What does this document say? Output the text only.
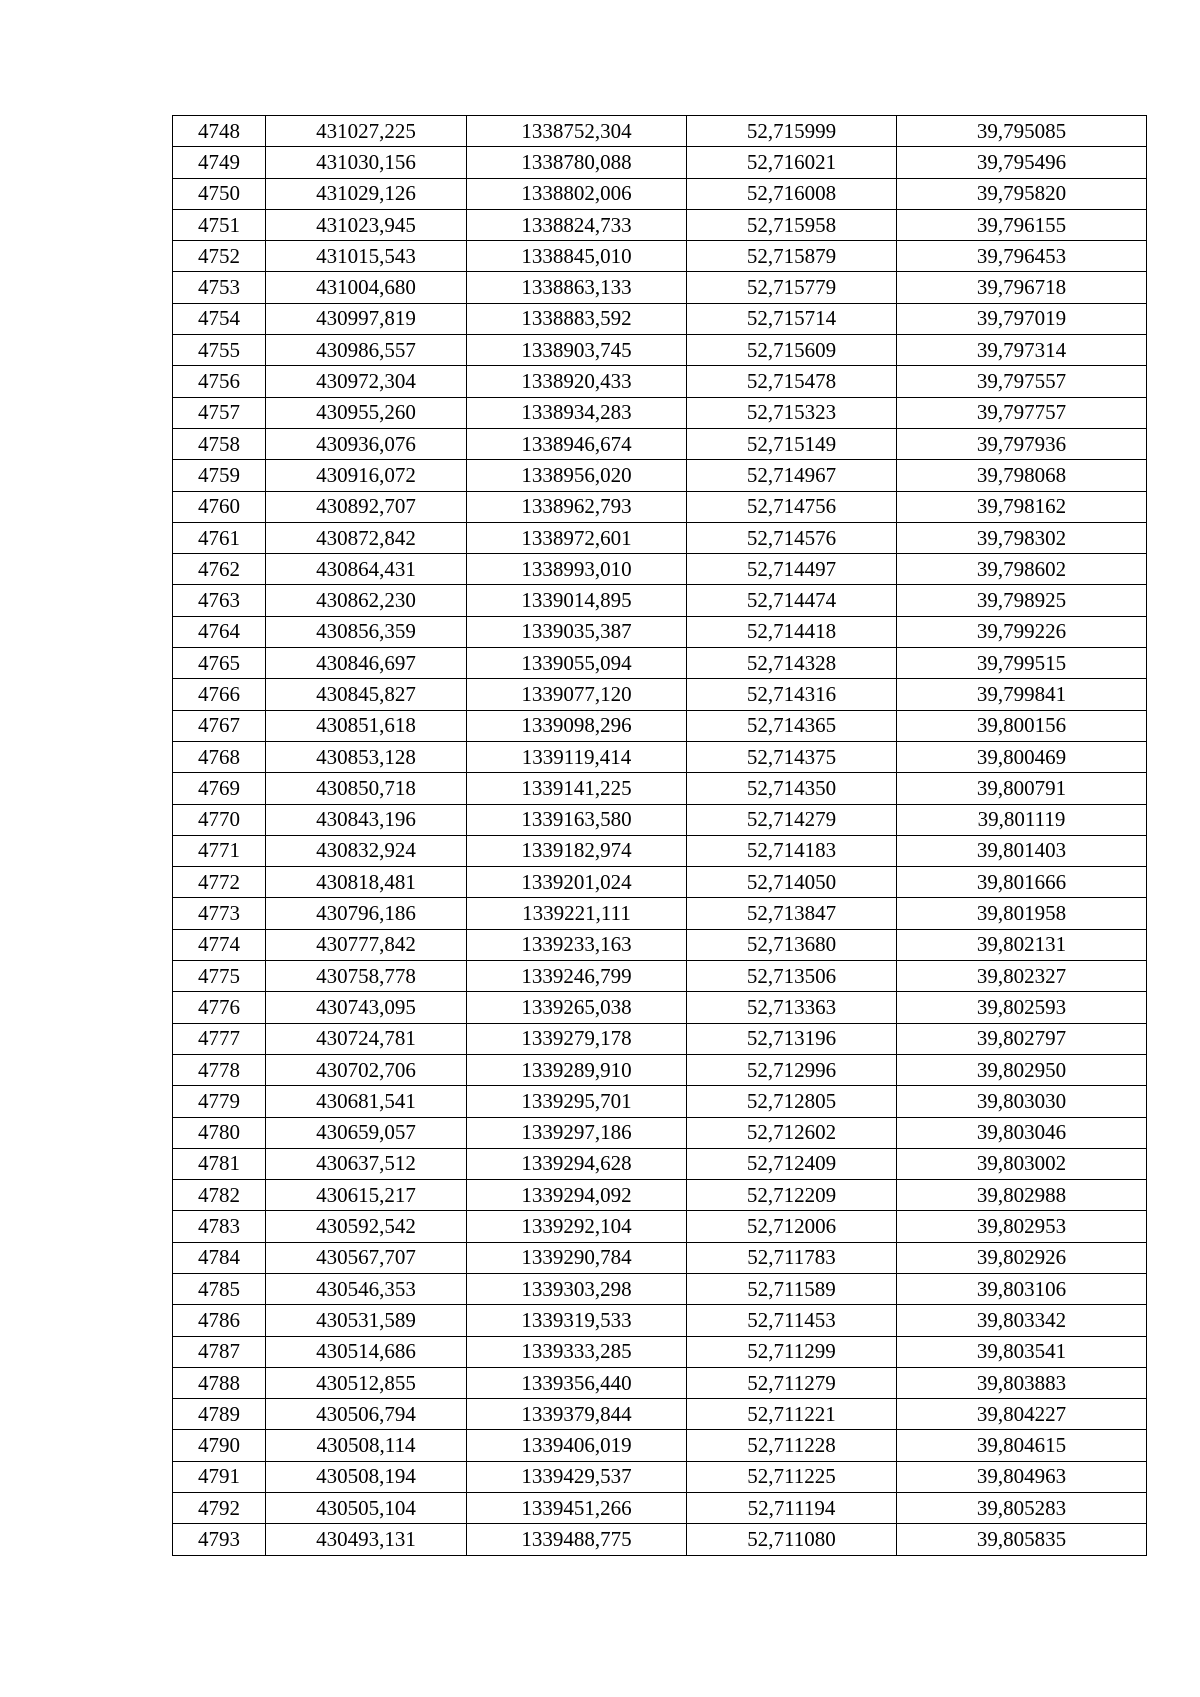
4748	431027,225	1338752,304	52,715999	39,795085
4749	431030,156	1338780,088	52,716021	39,795496
4750	431029,126	1338802,006	52,716008	39,795820
4751	431023,945	1338824,733	52,715958	39,796155
4752	431015,543	1338845,010	52,715879	39,796453
4753	431004,680	1338863,133	52,715779	39,796718
4754	430997,819	1338883,592	52,715714	39,797019
4755	430986,557	1338903,745	52,715609	39,797314
4756	430972,304	1338920,433	52,715478	39,797557
4757	430955,260	1338934,283	52,715323	39,797757
4758	430936,076	1338946,674	52,715149	39,797936
4759	430916,072	1338956,020	52,714967	39,798068
4760	430892,707	1338962,793	52,714756	39,798162
4761	430872,842	1338972,601	52,714576	39,798302
4762	430864,431	1338993,010	52,714497	39,798602
4763	430862,230	1339014,895	52,714474	39,798925
4764	430856,359	1339035,387	52,714418	39,799226
4765	430846,697	1339055,094	52,714328	39,799515
4766	430845,827	1339077,120	52,714316	39,799841
4767	430851,618	1339098,296	52,714365	39,800156
4768	430853,128	1339119,414	52,714375	39,800469
4769	430850,718	1339141,225	52,714350	39,800791
4770	430843,196	1339163,580	52,714279	39,801119
4771	430832,924	1339182,974	52,714183	39,801403
4772	430818,481	1339201,024	52,714050	39,801666
4773	430796,186	1339221,111	52,713847	39,801958
4774	430777,842	1339233,163	52,713680	39,802131
4775	430758,778	1339246,799	52,713506	39,802327
4776	430743,095	1339265,038	52,713363	39,802593
4777	430724,781	1339279,178	52,713196	39,802797
4778	430702,706	1339289,910	52,712996	39,802950
4779	430681,541	1339295,701	52,712805	39,803030
4780	430659,057	1339297,186	52,712602	39,803046
4781	430637,512	1339294,628	52,712409	39,803002
4782	430615,217	1339294,092	52,712209	39,802988
4783	430592,542	1339292,104	52,712006	39,802953
4784	430567,707	1339290,784	52,711783	39,802926
4785	430546,353	1339303,298	52,711589	39,803106
4786	430531,589	1339319,533	52,711453	39,803342
4787	430514,686	1339333,285	52,711299	39,803541
4788	430512,855	1339356,440	52,711279	39,803883
4789	430506,794	1339379,844	52,711221	39,804227
4790	430508,114	1339406,019	52,711228	39,804615
4791	430508,194	1339429,537	52,711225	39,804963
4792	430505,104	1339451,266	52,711194	39,805283
4793	430493,131	1339488,775	52,711080	39,805835
